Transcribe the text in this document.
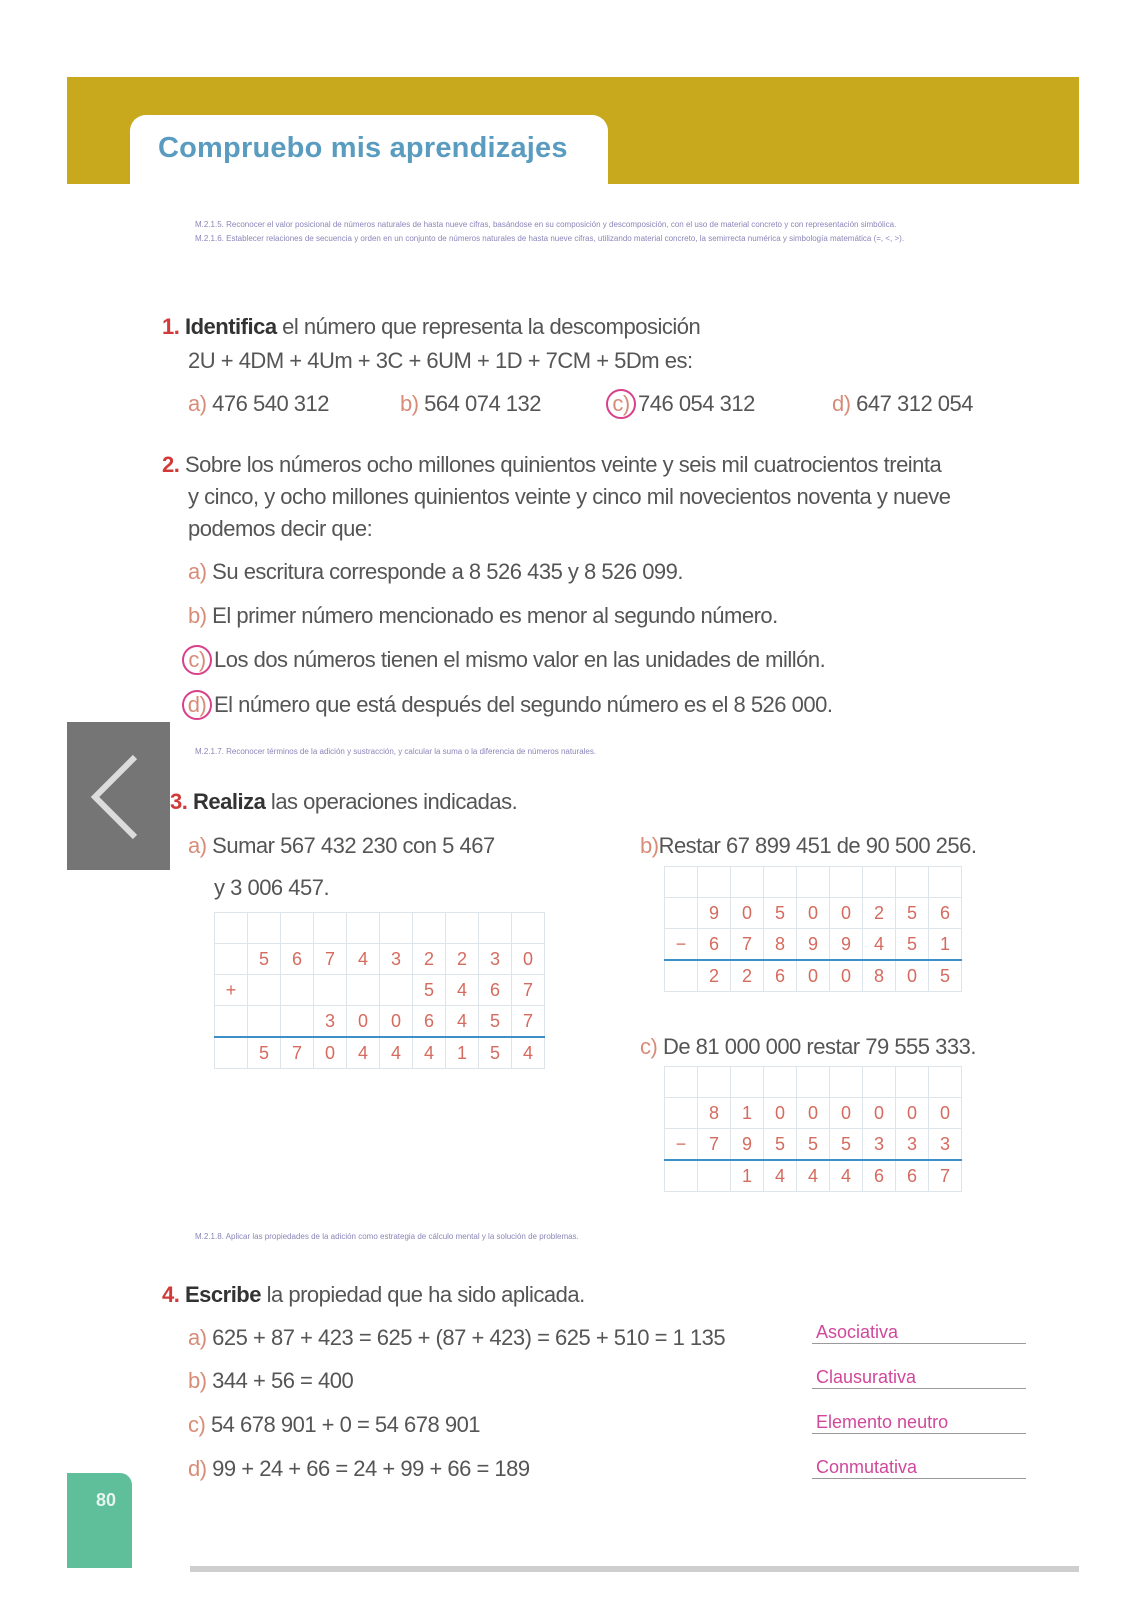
Compruebo mis aprendizajes
M.2.1.5. Reconocer el valor posicional de números naturales de hasta nueve cifras, basándose en su composición y descomposición, con el uso de material concreto y con representación simbólica.
M.2.1.6. Establecer relaciones de secuencia y orden en un conjunto de números naturales de hasta nueve cifras, utilizando material concreto, la semirrecta numérica y simbología matemática (=, <, >).
1. Identifica el número que representa la descomposición
2U + 4DM + 4Um + 3C + 6UM + 1D + 7CM + 5Dm es:
a) 476 540 312	b) 564 074 132	c) 746 054 312	d) 647 312 054
2. Sobre los números ocho millones quinientos veinte y seis mil cuatrocientos treinta
y cinco, y ocho millones quinientos veinte y cinco mil novecientos noventa y nueve
podemos decir que:
a) Su escritura corresponde a 8 526 435 y 8 526 099.
b) El primer número mencionado es menor al segundo número.
c) Los dos números tienen el mismo valor en las unidades de millón.
d) El número que está después del segundo número es el 8 526 000.
M.2.1.7. Reconocer términos de la adición y sustracción, y calcular la suma o la diferencia de números naturales.
3. Realiza las operaciones indicadas.
a) Sumar 567 432 230 con 5 467
y 3 006 457.
b)Restar 67 899 451 de 90 500 256.
c) De 81 000 000 restar 79 555 333.

	5	6	7	4	3	2	2	3	0
+						5	4	6	7
			3	0	0	6	4	5	7
	5	7	0	4	4	4	1	5	4

	9	0	5	0	0	2	5	6
−	6	7	8	9	9	4	5	1
	2	2	6	0	0	8	0	5

	8	1	0	0	0	0	0	0
−	7	9	5	5	5	3	3	3
		1	4	4	4	6	6	7
M.2.1.8. Aplicar las propiedades de la adición como estrategia de cálculo mental y la solución de problemas.
4. Escribe la propiedad que ha sido aplicada.
a) 625 + 87 + 423 = 625 + (87 + 423) = 625 + 510 = 1 135
b) 344 + 56 = 400
c) 54 678 901 + 0 = 54 678 901
d) 99 + 24 + 66 = 24 + 99 + 66 = 189
Asociativa
Clausurativa
Elemento neutro
Conmutativa
80
